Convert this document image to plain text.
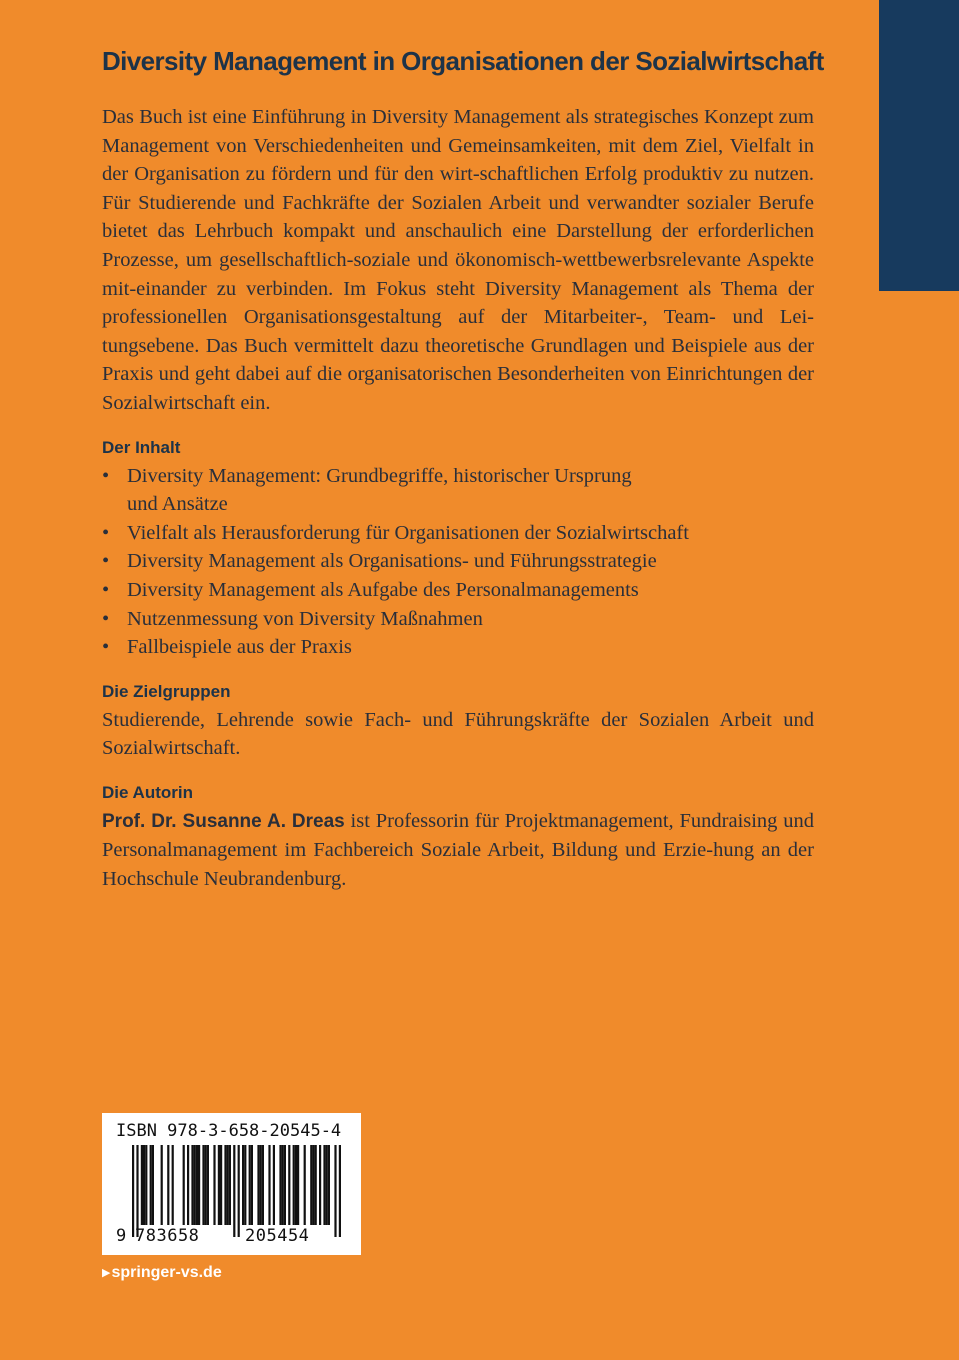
Diversity Management in Organisationen der Sozialwirtschaft

Das Buch ist eine Einführung in Diversity Management als strategisches Konzept zum Management von Verschiedenheiten und Gemeinsamkeiten, mit dem Ziel, Vielfalt in der Organisation zu fördern und für den wirt-schaftlichen Erfolg produktiv zu nutzen. Für Studierende und Fachkräfte der Sozialen Arbeit und verwandter sozialer Berufe bietet das Lehrbuch kompakt und anschaulich eine Darstellung der erforderlichen Prozesse, um gesellschaftlich-soziale und ökonomisch-wettbewerbsrelevante Aspekte mit-einander zu verbinden. Im Fokus steht Diversity Management als Thema der professionellen Organisationsgestaltung auf der Mitarbeiter-, Team- und Lei-tungsebene. Das Buch vermittelt dazu theoretische Grundlagen und Beispiele aus der Praxis und geht dabei auf die organisatorischen Besonderheiten von Einrichtungen der Sozialwirtschaft ein.

Der Inhalt
• Diversity Management: Grundbegriffe, historischer Ursprung
und Ansätze
• Vielfalt als Herausforderung für Organisationen der Sozialwirtschaft
• Diversity Management als Organisations- und Führungsstrategie
• Diversity Management als Aufgabe des Personalmanagements
• Nutzenmessung von Diversity Maßnahmen
• Fallbeispiele aus der Praxis
Die Zielgruppen

Studierende, Lehrende sowie Fach- und Führungskräfte der Sozialen Arbeit und Sozialwirtschaft.

Die Autorin

Prof. Dr. Susanne A. Dreas ist Professorin für Projektmanagement, Fundraising und Personalmanagement im Fachbereich Soziale Arbeit, Bildung und Erzie-hung an der Hochschule Neubrandenburg.

ISBN 978-3-658-20545-4
9 783658	205454
▶springer-vs.de
